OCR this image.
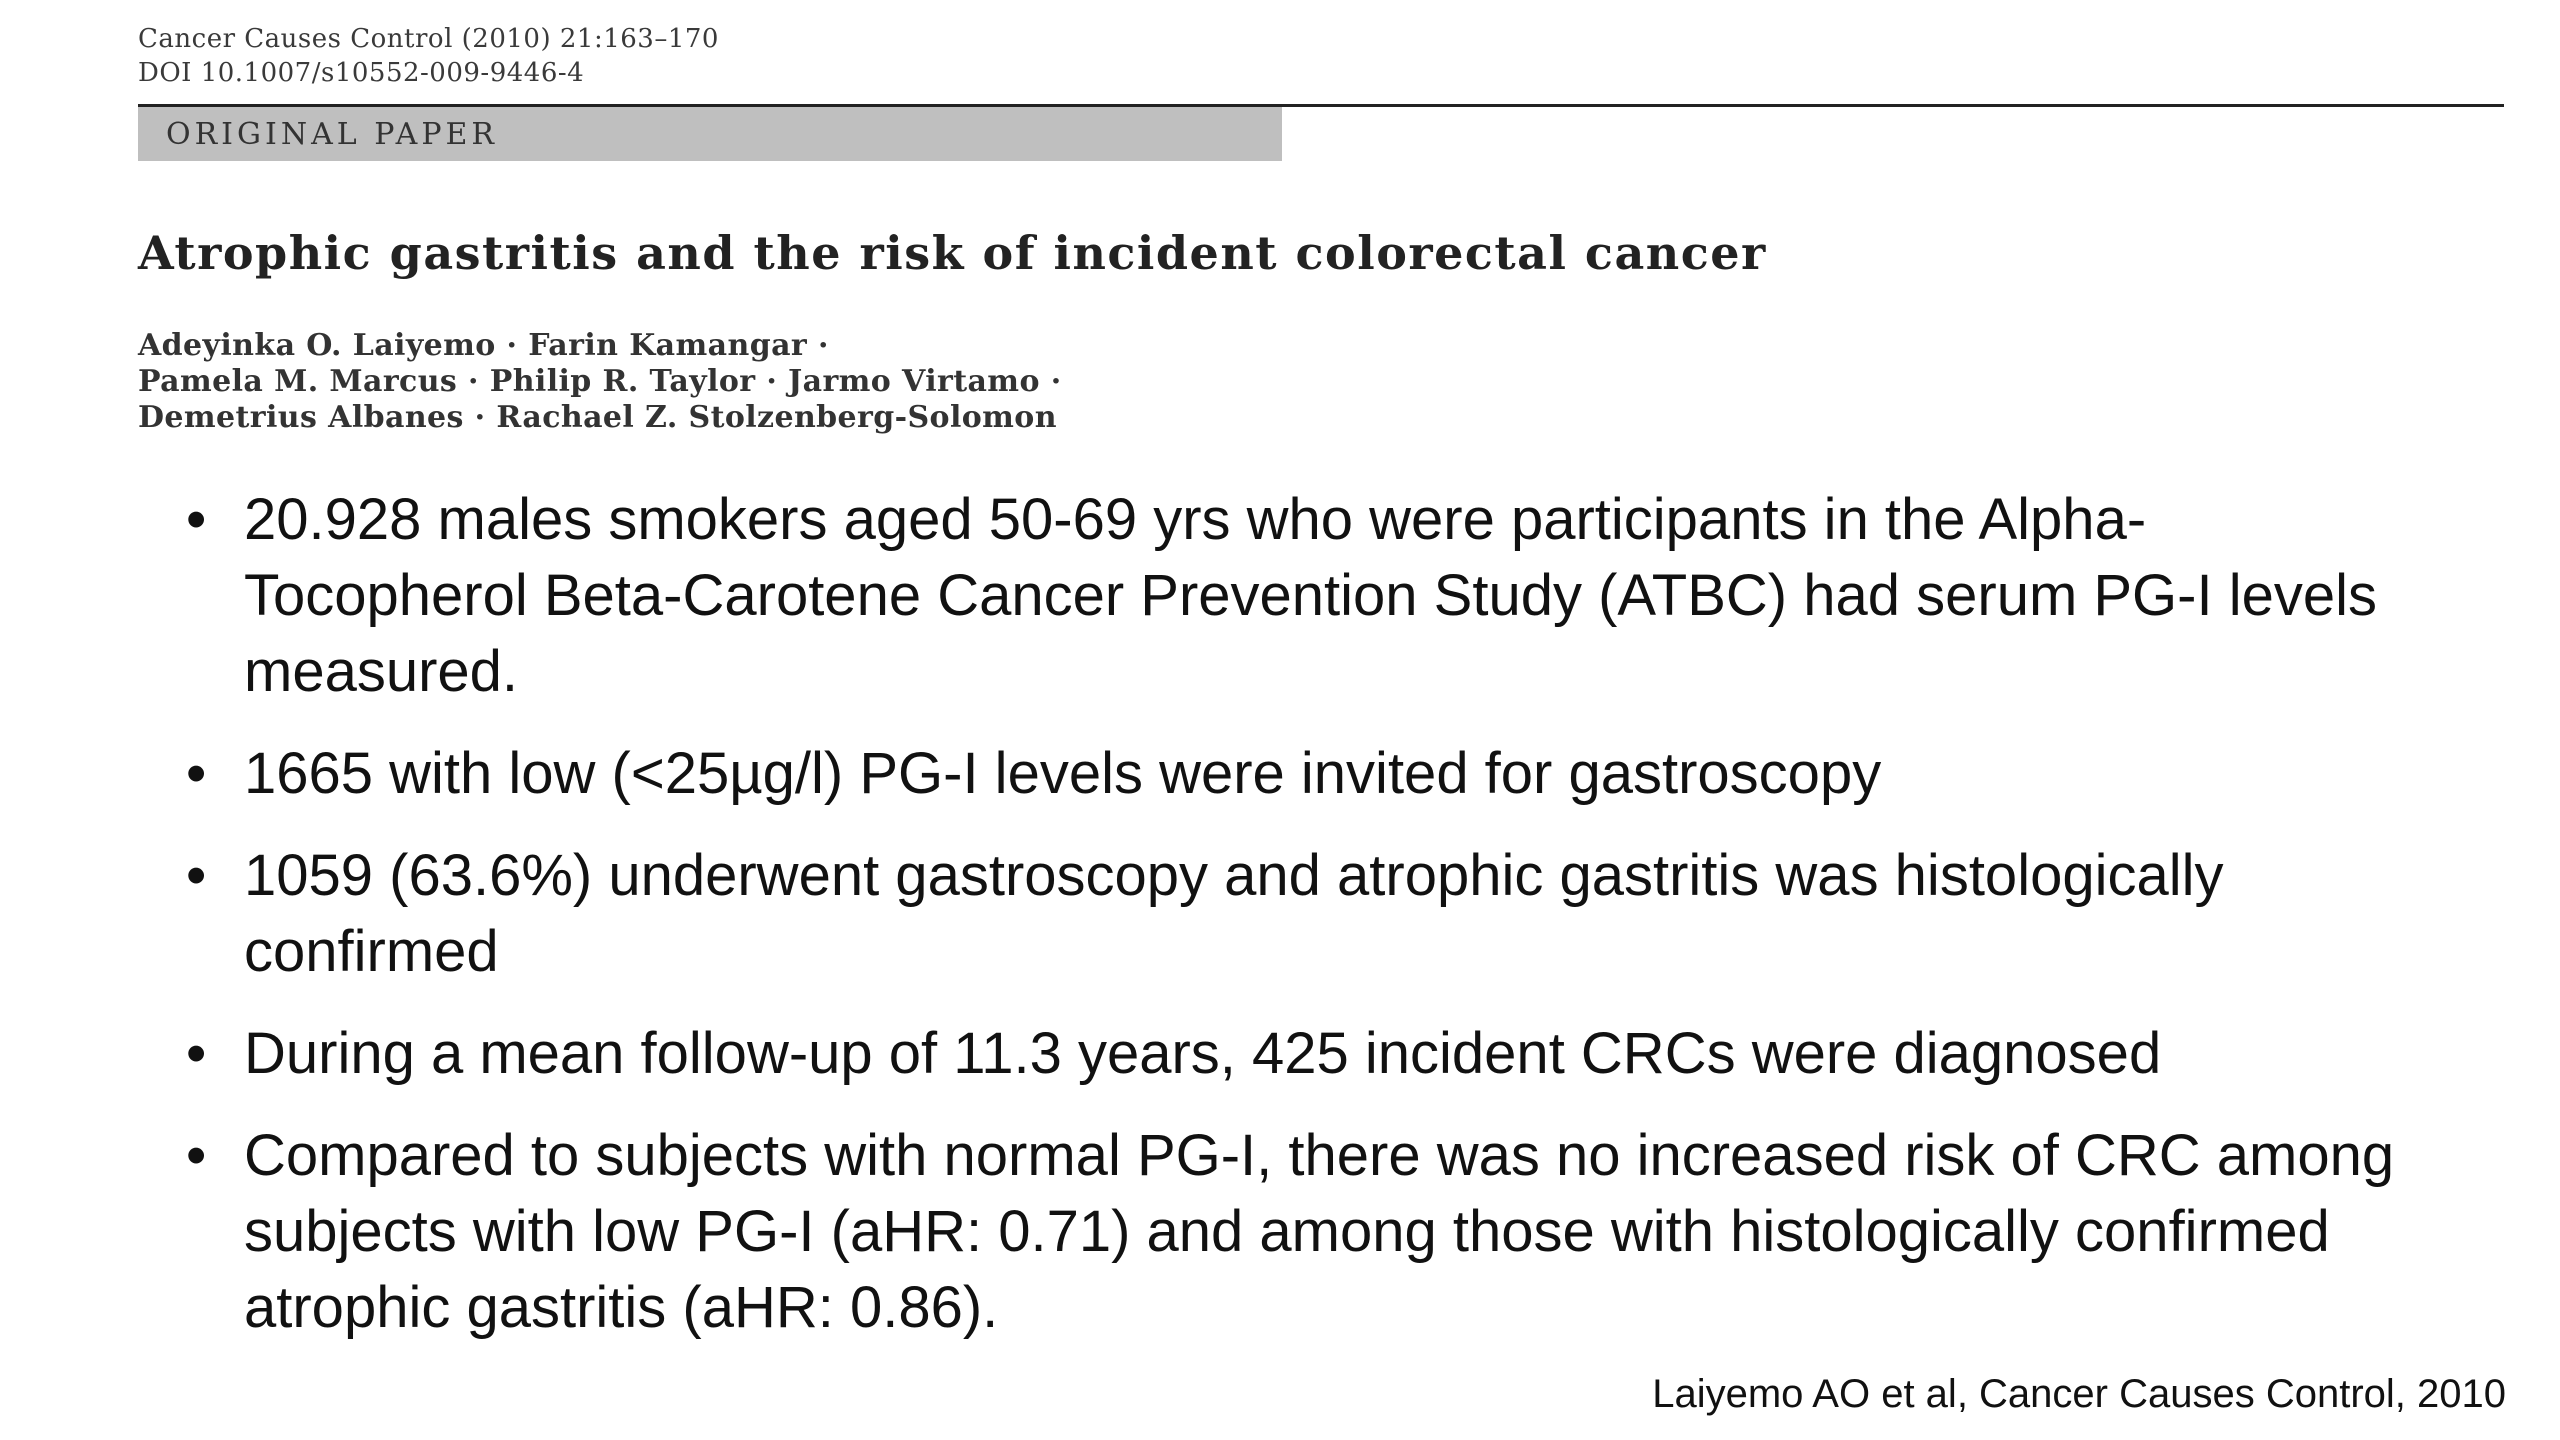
Cancer Causes Control (2010) 21:163–170
DOI 10.1007/s10552-009-9446-4
ORIGINAL PAPER
Atrophic gastritis and the risk of incident colorectal cancer
Adeyinka O. Laiyemo · Farin Kamangar ·
Pamela M. Marcus · Philip R. Taylor · Jarmo Virtamo ·
Demetrius Albanes · Rachael Z. Stolzenberg-Solomon
• 20.928 males smokers aged 50-69 yrs who were participants in the Alpha-Tocopherol Beta-Carotene Cancer Prevention Study (ATBC) had serum PG-I levels measured.
• 1665 with low (<25µg/l) PG-I levels were invited for gastroscopy
• 1059 (63.6%) underwent gastroscopy and atrophic gastritis was histologically confirmed
• During a mean follow-up of 11.3 years, 425 incident CRCs were diagnosed
• Compared to subjects with normal PG-I, there was no increased risk of CRC among subjects with low PG-I (aHR: 0.71) and among those with histologically confirmed atrophic gastritis (aHR: 0.86).
Laiyemo AO et al, Cancer Causes Control, 2010
